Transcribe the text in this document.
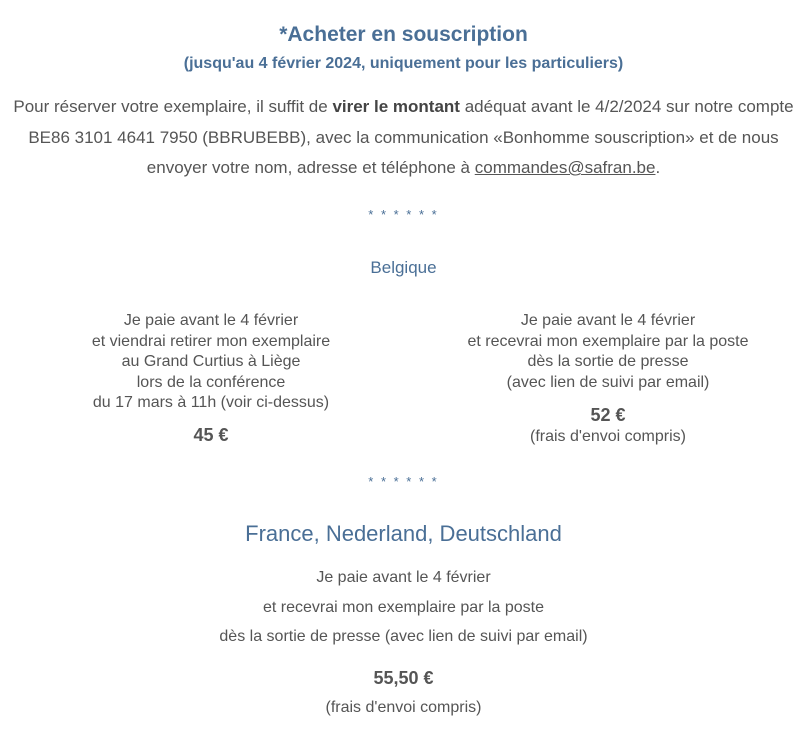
*Acheter en souscription
(jusqu'au 4 février 2024, uniquement pour les particuliers)
Pour réserver votre exemplaire, il suffit de virer le montant adéquat avant le 4/2/2024 sur notre compte BE86 3101 4641 7950 (BBRUBEBB), avec la communication «Bonhomme souscription» et de nous envoyer votre nom, adresse et téléphone à commandes@safran.be.
* * * * * *
Belgique
Je paie avant le 4 février
et viendrai retirer mon exemplaire
au Grand Curtius à Liège
lors de la conférence
du 17 mars à 11h (voir ci-dessus)
45 €
Je paie avant le 4 février
et recevrai mon exemplaire par la poste
dès la sortie de presse
(avec lien de suivi par email)
52 €
(frais d'envoi compris)
* * * * * *
France, Nederland, Deutschland
Je paie avant le 4 février
et recevrai mon exemplaire par la poste
dès la sortie de presse (avec lien de suivi par email)
55,50 €
(frais d'envoi compris)
